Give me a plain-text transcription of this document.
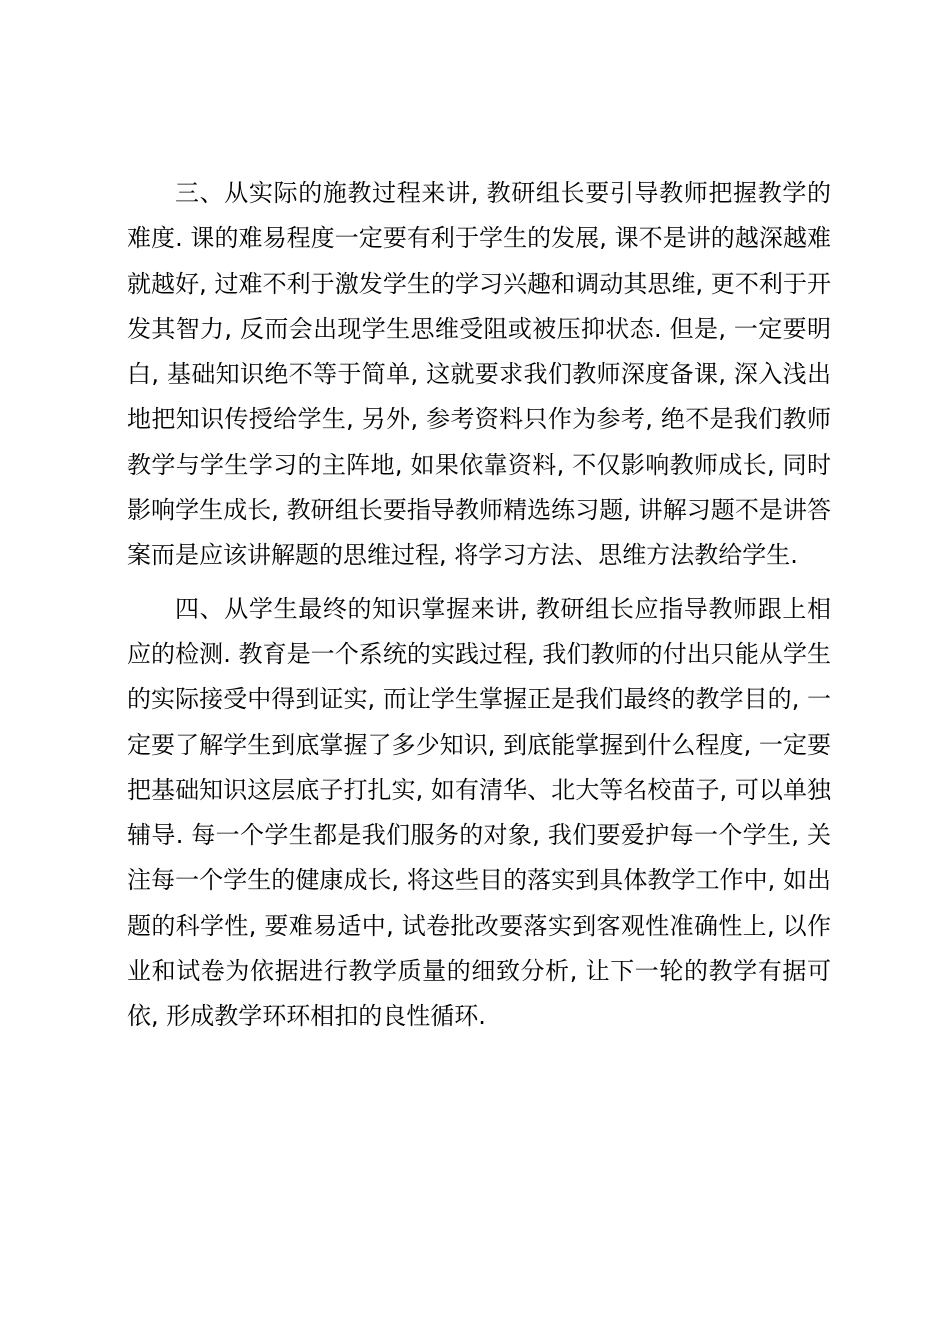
三、从实际的施教过程来讲, 教研组长要引导教师把握教学的难度. 课的难易程度一定要有利于学生的发展, 课不是讲的越深越难就越好, 过难不利于激发学生的学习兴趣和调动其思维, 更不利于开发其智力, 反而会出现学生思维受阻或被压抑状态. 但是, 一定要明白, 基础知识绝不等于简单, 这就要求我们教师深度备课, 深入浅出地把知识传授给学生, 另外, 参考资料只作为参考, 绝不是我们教师教学与学生学习的主阵地, 如果依靠资料, 不仅影响教师成长, 同时影响学生成长, 教研组长要指导教师精选练习题, 讲解习题不是讲答案而是应该讲解题的思维过程, 将学习方法、思维方法教给学生.

四、从学生最终的知识掌握来讲, 教研组长应指导教师跟上相应的检测. 教育是一个系统的实践过程, 我们教师的付出只能从学生的实际接受中得到证实, 而让学生掌握正是我们最终的教学目的, 一定要了解学生到底掌握了多少知识, 到底能掌握到什么程度, 一定要把基础知识这层底子打扎实, 如有清华、北大等名校苗子, 可以单独辅导. 每一个学生都是我们服务的对象, 我们要爱护每一个学生, 关注每一个学生的健康成长, 将这些目的落实到具体教学工作中, 如出题的科学性, 要难易适中, 试卷批改要落实到客观性准确性上, 以作业和试卷为依据进行教学质量的细致分析, 让下一轮的教学有据可依, 形成教学环环相扣的良性循环.
